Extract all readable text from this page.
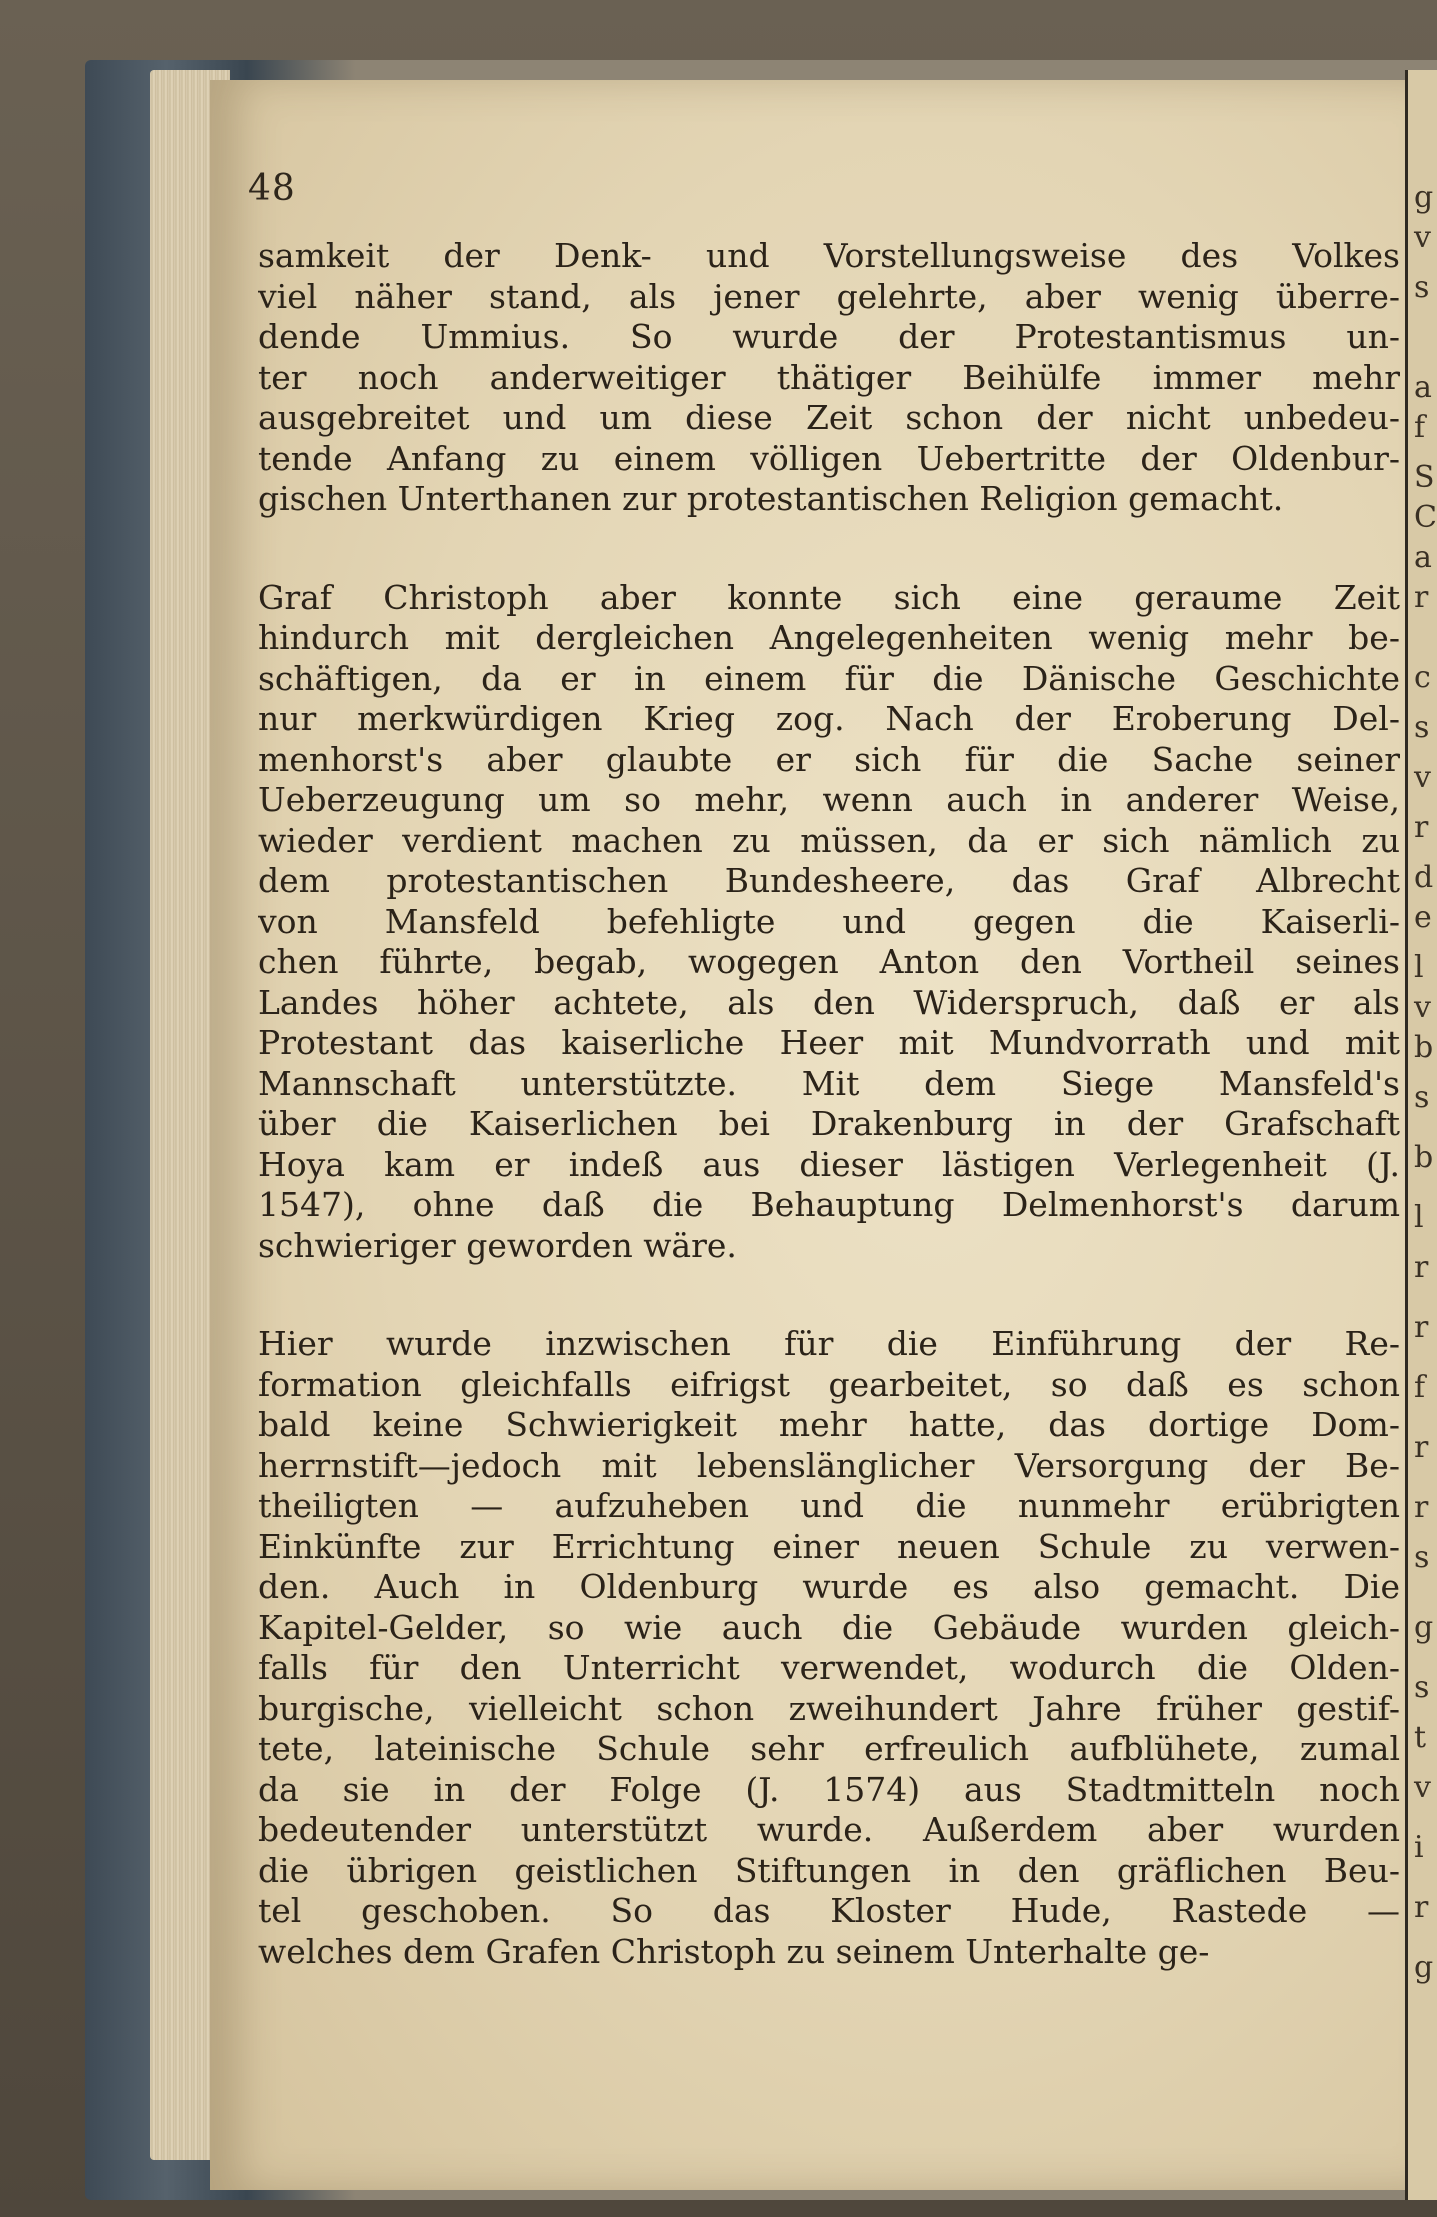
g
v
s
a
f
S
C
a
r
c
s
v
r
d
e
l
v
b
s
b
l
r
r
f
r
r
s
g
s
t
v
i
r
g
48
samkeit der Denk- und Vorstellungsweise des Volkes
viel näher stand, als jener gelehrte, aber wenig überre-
dende Ummius. So wurde der Protestantismus un-
ter noch anderweitiger thätiger Beihülfe immer mehr
ausgebreitet und um diese Zeit schon der nicht unbedeu-
tende Anfang zu einem völligen Uebertritte der Oldenbur-
gischen Unterthanen zur protestantischen Religion gemacht.
Graf Christoph aber konnte sich eine geraume Zeit
hindurch mit dergleichen Angelegenheiten wenig mehr be-
schäftigen, da er in einem für die Dänische Geschichte
nur merkwürdigen Krieg zog. Nach der Eroberung Del-
menhorst's aber glaubte er sich für die Sache seiner
Ueberzeugung um so mehr, wenn auch in anderer Weise,
wieder verdient machen zu müssen, da er sich nämlich zu
dem protestantischen Bundesheere, das Graf Albrecht
von Mansfeld befehligte und gegen die Kaiserli-
chen führte, begab, wogegen Anton den Vortheil seines
Landes höher achtete, als den Widerspruch, daß er als
Protestant das kaiserliche Heer mit Mundvorrath und mit
Mannschaft unterstützte. Mit dem Siege Mansfeld's
über die Kaiserlichen bei Drakenburg in der Grafschaft
Hoya kam er indeß aus dieser lästigen Verlegenheit (J.
1547), ohne daß die Behauptung Delmenhorst's darum
schwieriger geworden wäre.
Hier wurde inzwischen für die Einführung der Re-
formation gleichfalls eifrigst gearbeitet, so daß es schon
bald keine Schwierigkeit mehr hatte, das dortige Dom-
herrnstift—jedoch mit lebenslänglicher Versorgung der Be-
theiligten — aufzuheben und die nunmehr erübrigten
Einkünfte zur Errichtung einer neuen Schule zu verwen-
den. Auch in Oldenburg wurde es also gemacht. Die
Kapitel-Gelder, so wie auch die Gebäude wurden gleich-
falls für den Unterricht verwendet, wodurch die Olden-
burgische, vielleicht schon zweihundert Jahre früher gestif-
tete, lateinische Schule sehr erfreulich aufblühete, zumal
da sie in der Folge (J. 1574) aus Stadtmitteln noch
bedeutender unterstützt wurde. Außerdem aber wurden
die übrigen geistlichen Stiftungen in den gräflichen Beu-
tel geschoben. So das Kloster Hude, Rastede —
welches dem Grafen Christoph zu seinem Unterhalte ge-
